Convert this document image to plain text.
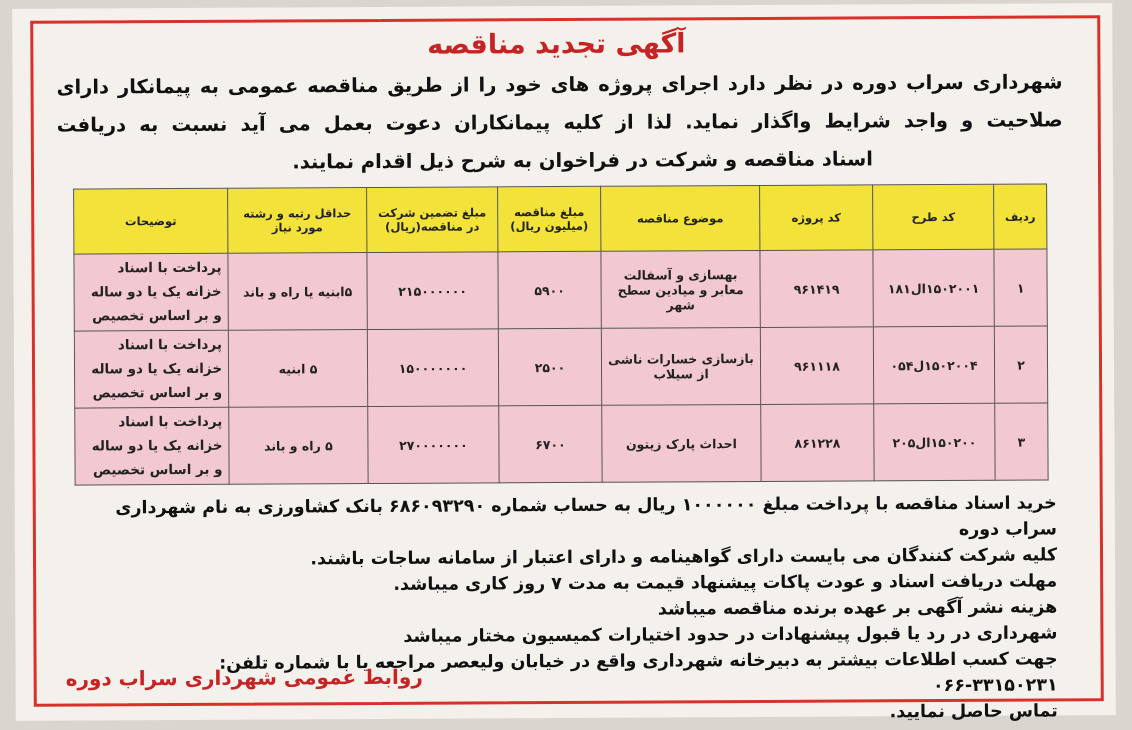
آگهی تجدید مناقصه
شهرداری سراب دوره در نظر دارد اجرای پروژه های خود را از طریق مناقصه عمومی به پیمانکار دارای
صلاحیت و واجد شرایط واگذار نماید. لذا از کلیه پیمانکاران دعوت بعمل می آید نسبت به دریافت
اسناد مناقصه و شرکت در فراخوان به شرح ذیل اقدام نمایند.
ردیف	کد طرح	کد پروژه	موضوع مناقصه	مبلغ مناقصه (میلیون ریال)	مبلغ تضمین شرکت در مناقصه(ریال)	حداقل رتبه و رشته مورد نیاز	توضیحات
۱	۱۵۰۲۰۰۱ال۱۸۱	۹۶۱۴۱۹	بهسازی و آسفالت معابر و میادین سطح شهر	۵۹۰۰	۲۱۵۰۰۰۰۰۰	۵ابنیه یا راه و باند	پرداخت با اسناد خزانه یک یا دو ساله و بر اساس تخصیص
۲	۱۵۰۲۰۰۴ل۰۵۴	۹۶۱۱۱۸	بازسازی خسارات ناشی از سیلاب	۲۵۰۰	۱۵۰۰۰۰۰۰۰	۵ ابنیه	پرداخت با اسناد خزانه یک یا دو ساله و بر اساس تخصیص
۳	۱۵۰۲۰۰ال۲۰۵	۸۶۱۲۲۸	احداث پارک زیتون	۶۷۰۰	۲۷۰۰۰۰۰۰۰	۵ راه و باند	پرداخت با اسناد خزانه یک یا دو ساله و بر اساس تخصیص

خرید اسناد مناقصه با پرداخت مبلغ ۱۰۰۰۰۰۰ ریال به حساب شماره ۶۸۶۰۹۳۲۹۰ بانک کشاورزی به نام شهرداری سراب دوره

کلیه شرکت کنندگان می بایست دارای گواهینامه و دارای اعتبار از سامانه ساجات باشند.

مهلت دریافت اسناد و عودت پاکات پیشنهاد قیمت به مدت ۷ روز کاری میباشد.

هزینه نشر آگهی بر عهده برنده مناقصه میباشد

شهرداری در رد یا قبول پیشنهادات در حدود اختیارات کمیسیون مختار میباشد

جهت کسب اطلاعات بیشتر به دبیرخانه شهرداری واقع در خیابان ولیعصر مراجعه یا با شماره تلفن: ۰۶۶-۳۳۱۵۰۲۳۱

تماس حاصل نمایید.

روابط عمومی شهرداری سراب دوره
